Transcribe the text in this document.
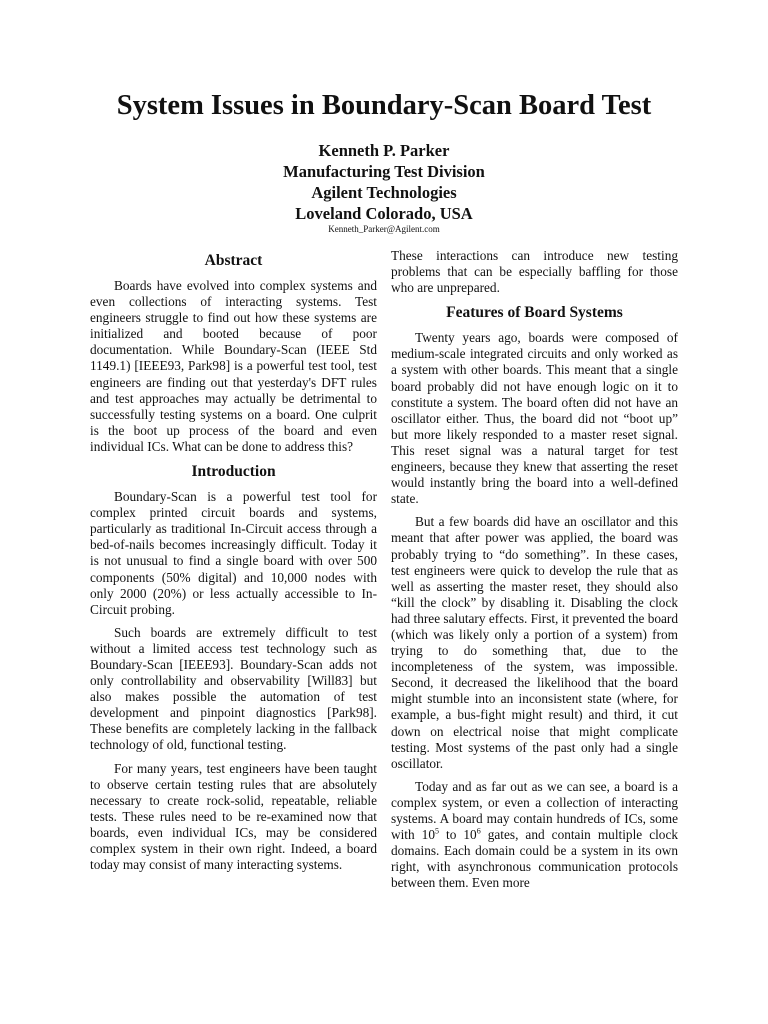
System Issues in Boundary-Scan Board Test
Kenneth P. Parker
Manufacturing Test Division
Agilent Technologies
Loveland Colorado, USA
Kenneth_Parker@Agilent.com
Abstract

Boards have evolved into complex systems and even collections of interacting systems. Test engineers struggle to find out how these systems are initialized and booted because of poor documentation. While Boundary-Scan (IEEE Std 1149.1) [IEEE93, Park98] is a powerful test tool, test engineers are finding out that yesterday's DFT rules and test approaches may actually be detrimental to successfully testing systems on a board. One culprit is the boot up process of the board and even individual ICs. What can be done to address this?

Introduction

Boundary-Scan is a powerful test tool for complex printed circuit boards and systems, particularly as traditional In-Circuit access through a bed-of-nails becomes increasingly difficult. Today it is not unusual to find a single board with over 500 components (50% digital) and 10,000 nodes with only 2000 (20%) or less actually accessible to In-Circuit probing.

Such boards are extremely difficult to test without a limited access test technology such as Boundary-Scan [IEEE93]. Boundary-Scan adds not only controllability and observability [Will83] but also makes possible the automation of test development and pinpoint diagnostics [Park98]. These benefits are completely lacking in the fallback technology of old, functional testing.

For many years, test engineers have been taught to observe certain testing rules that are absolutely necessary to create rock-solid, repeatable, reliable tests. These rules need to be re-examined now that boards, even individual ICs, may be considered complex system in their own right. Indeed, a board today may consist of many interacting systems.

These interactions can introduce new testing problems that can be especially baffling for those who are unprepared.

Features of Board Systems

Twenty years ago, boards were composed of medium-scale integrated circuits and only worked as a system with other boards. This meant that a single board probably did not have enough logic on it to constitute a system. The board often did not have an oscillator either. Thus, the board did not “boot up” but more likely responded to a master reset signal. This reset signal was a natural target for test engineers, because they knew that asserting the reset would instantly bring the board into a well-defined state.

But a few boards did have an oscillator and this meant that after power was applied, the board was probably trying to “do something”. In these cases, test engineers were quick to develop the rule that as well as asserting the master reset, they should also “kill the clock” by disabling it. Disabling the clock had three salutary effects. First, it prevented the board (which was likely only a portion of a system) from trying to do something that, due to the incompleteness of the system, was impossible. Second, it decreased the likelihood that the board might stumble into an inconsistent state (where, for example, a bus-fight might result) and third, it cut down on electrical noise that might complicate testing. Most systems of the past only had a single oscillator.

Today and as far out as we can see, a board is a complex system, or even a collection of interacting systems. A board may contain hundreds of ICs, some with $10^5$ to $10^6$ gates, and contain multiple clock domains. Each domain could be a system in its own right, with asynchronous communication protocols between them. Even more
